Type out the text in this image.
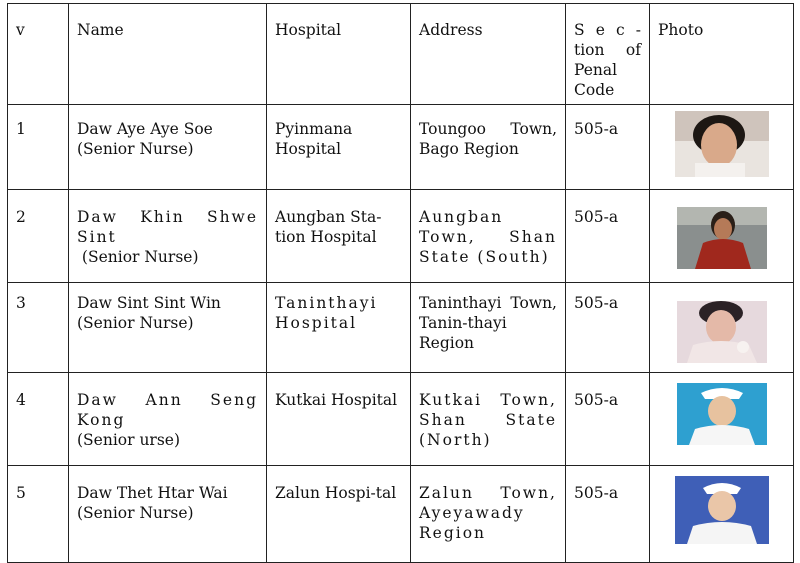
v	Name	Hospital	Address	S e c - tion of Penal Code	Photo
1	Daw Aye Aye Soe
(Senior Nurse)	Pyinmana Hospital	Toungoo Town, Bago Region	505-a	

2	Daw Khin Shwe Sint
(Senior Nurse)	Aungban Sta-tion Hospital	Aungban Town, Shan State (South)	505-a	

3	Daw Sint Sint Win
(Senior Nurse)	Taninthayi Hospital	Taninthayi Town, Tanin-thayi Region	505-a	

4	Daw Ann Seng Kong
(Senior urse)	Kutkai Hospital	Kutkai Town, Shan State (North)	505-a	

5	Daw Thet Htar Wai
(Senior Nurse)	Zalun Hospi-tal	Zalun Town, Ayeyawady Region	505-a	
